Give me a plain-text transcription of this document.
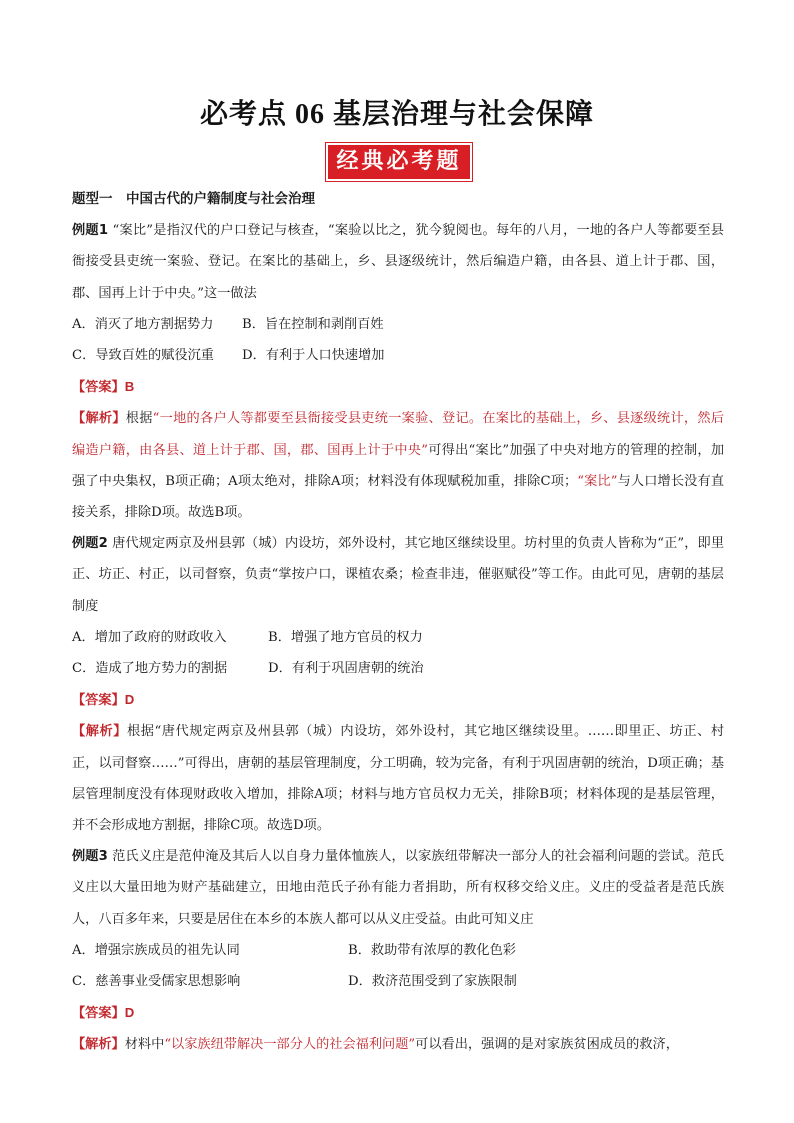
必考点 06 基层治理与社会保障
经典必考题

题型一　中国古代的户籍制度与社会治理

例题1 “案比”是指汉代的户口登记与核查，“案验以比之，犹今貌阅也。每年的八月，一地的各户人等都要至县衙接受县吏统一案验、登记。在案比的基础上，乡、县逐级统计，然后编造户籍，由各县、道上计于郡、国，郡、国再上计于中央。”这一做法

A．消灭了地方割据势力	B．旨在控制和剥削百姓

C．导致百姓的赋役沉重	D．有利于人口快速增加

【答案】B

【解析】根据“一地的各户人等都要至县衙接受县吏统一案验、登记。在案比的基础上，乡、县逐级统计，然后编造户籍，由各县、道上计于郡、国，郡、国再上计于中央”可得出“案比”加强了中央对地方的管理的控制，加强了中央集权，B项正确；A项太绝对，排除A项；材料没有体现赋税加重，排除C项；“案比”与人口增长没有直接关系，排除D项。故选B项。

例题2 唐代规定两京及州县郭（城）内设坊，郊外设村，其它地区继续设里。坊村里的负责人皆称为“正”，即里正、坊正、村正，以司督察，负责“掌按户口，课植农桑；检查非违，催驱赋役”等工作。由此可见，唐朝的基层制度

A．增加了政府的财政收入	B．增强了地方官员的权力

C．造成了地方势力的割据	D．有利于巩固唐朝的统治

【答案】D

【解析】根据“唐代规定两京及州县郭（城）内设坊，郊外设村，其它地区继续设里。……即里正、坊正、村正，以司督察……”可得出，唐朝的基层管理制度，分工明确，较为完备，有利于巩固唐朝的统治，D项正确；基层管理制度没有体现财政收入增加，排除A项；材料与地方官员权力无关，排除B项；材料体现的是基层管理，并不会形成地方割据，排除C项。故选D项。

例题3 范氏义庄是范仲淹及其后人以自身力量体恤族人，以家族纽带解决一部分人的社会福利问题的尝试。范氏义庄以大量田地为财产基础建立，田地由范氏子孙有能力者捐助，所有权移交给义庄。义庄的受益者是范氏族人，八百多年来，只要是居住在本乡的本族人都可以从义庄受益。由此可知义庄

A．增强宗族成员的祖先认同	B．救助带有浓厚的教化色彩

C．慈善事业受儒家思想影响	D．救济范围受到了家族限制

【答案】D

【解析】材料中“以家族纽带解决一部分人的社会福利问题”可以看出，强调的是对家族贫困成员的救济，
